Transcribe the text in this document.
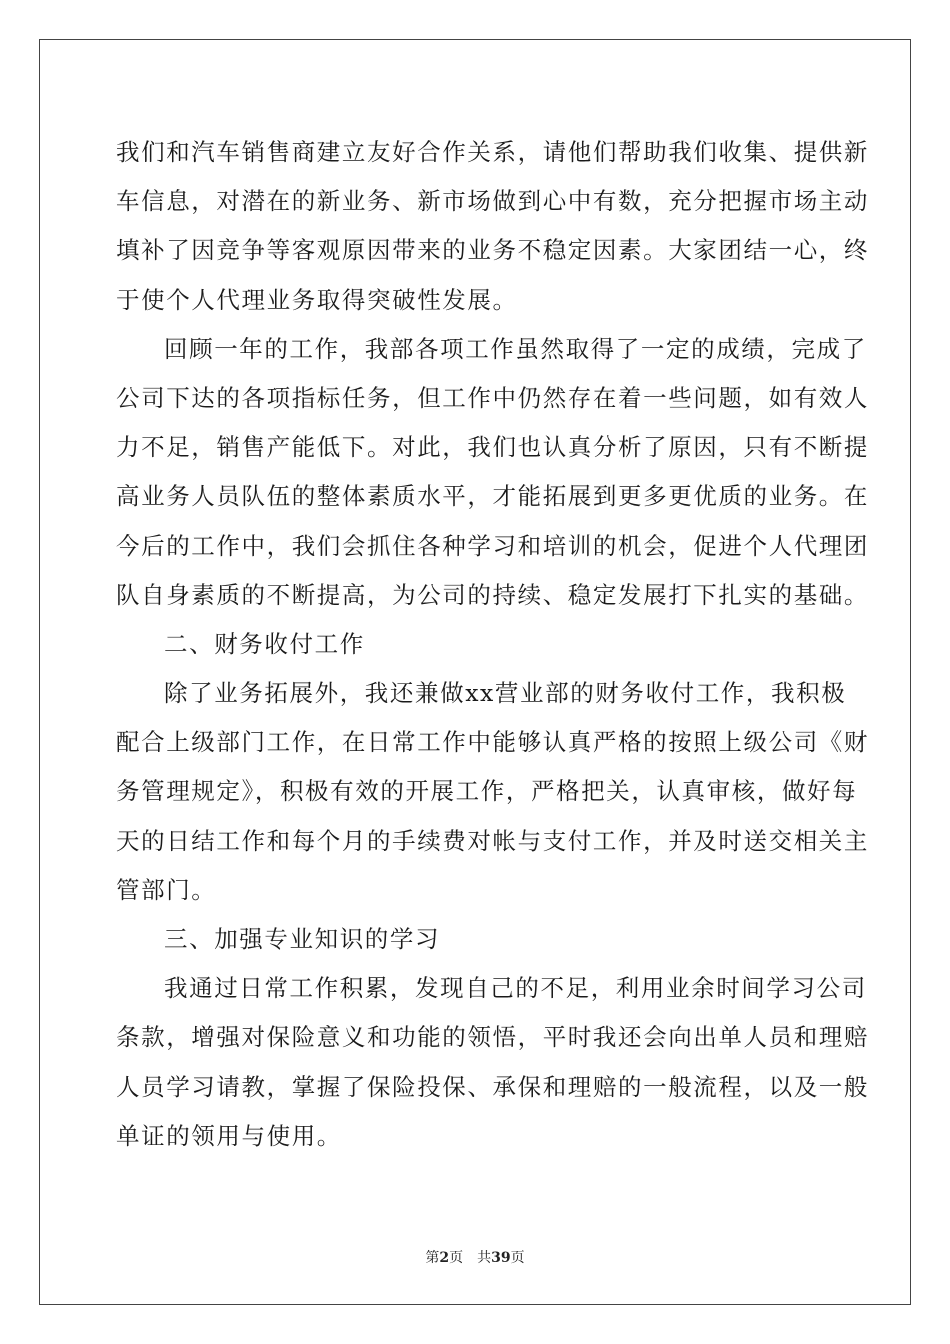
我们和汽车销售商建立友好合作关系，请他们帮助我们收集、提供新
车信息，对潜在的新业务、新市场做到心中有数，充分把握市场主动
填补了因竞争等客观原因带来的业务不稳定因素。大家团结一心，终
于使个人代理业务取得突破性发展。
回顾一年的工作，我部各项工作虽然取得了一定的成绩，完成了
公司下达的各项指标任务，但工作中仍然存在着一些问题，如有效人
力不足，销售产能低下。对此，我们也认真分析了原因，只有不断提
高业务人员队伍的整体素质水平，才能拓展到更多更优质的业务。在
今后的工作中，我们会抓住各种学习和培训的机会，促进个人代理团
队自身素质的不断提高，为公司的持续、稳定发展打下扎实的基础。
二、财务收付工作
除了业务拓展外，我还兼做xx营业部的财务收付工作，我积极
配合上级部门工作，在日常工作中能够认真严格的按照上级公司《财
务管理规定》，积极有效的开展工作，严格把关，认真审核，做好每
天的日结工作和每个月的手续费对帐与支付工作，并及时送交相关主
管部门。
三、加强专业知识的学习
我通过日常工作积累，发现自己的不足，利用业余时间学习公司
条款，增强对保险意义和功能的领悟，平时我还会向出单人员和理赔
人员学习请教，掌握了保险投保、承保和理赔的一般流程，以及一般
单证的领用与使用。
第2页 共39页
